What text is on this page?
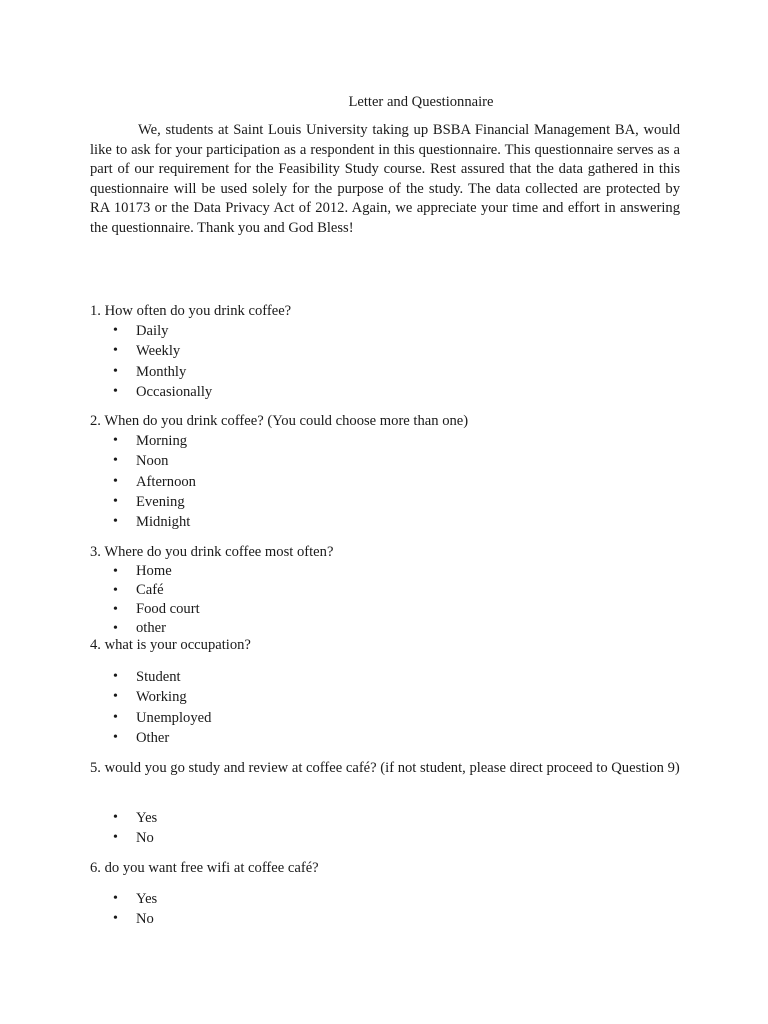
Letter and Questionnaire

We, students at Saint Louis University taking up BSBA Financial Management BA, would like to ask for your participation as a respondent in this questionnaire. This questionnaire serves as a part of our requirement for the Feasibility Study course. Rest assured that the data gathered in this questionnaire will be used solely for the purpose of the study. The data collected are protected by RA 10173 or the Data Privacy Act of 2012. Again, we appreciate your time and effort in answering the questionnaire. Thank you and God Bless!

1. How often do you drink coffee?

• Daily
• Weekly
• Monthly
• Occasionally

2. When do you drink coffee? (You could choose more than one)

• Morning
• Noon
• Afternoon
• Evening
• Midnight

3. Where do you drink coffee most often?

• Home
• Café
• Food court
• other

4. what is your occupation?

• Student
• Working
• Unemployed
• Other

5. would you go study and review at coffee café? (if not student, please direct proceed to Question 9)

• Yes
• No

6. do you want free wifi at coffee café?

• Yes
• No
